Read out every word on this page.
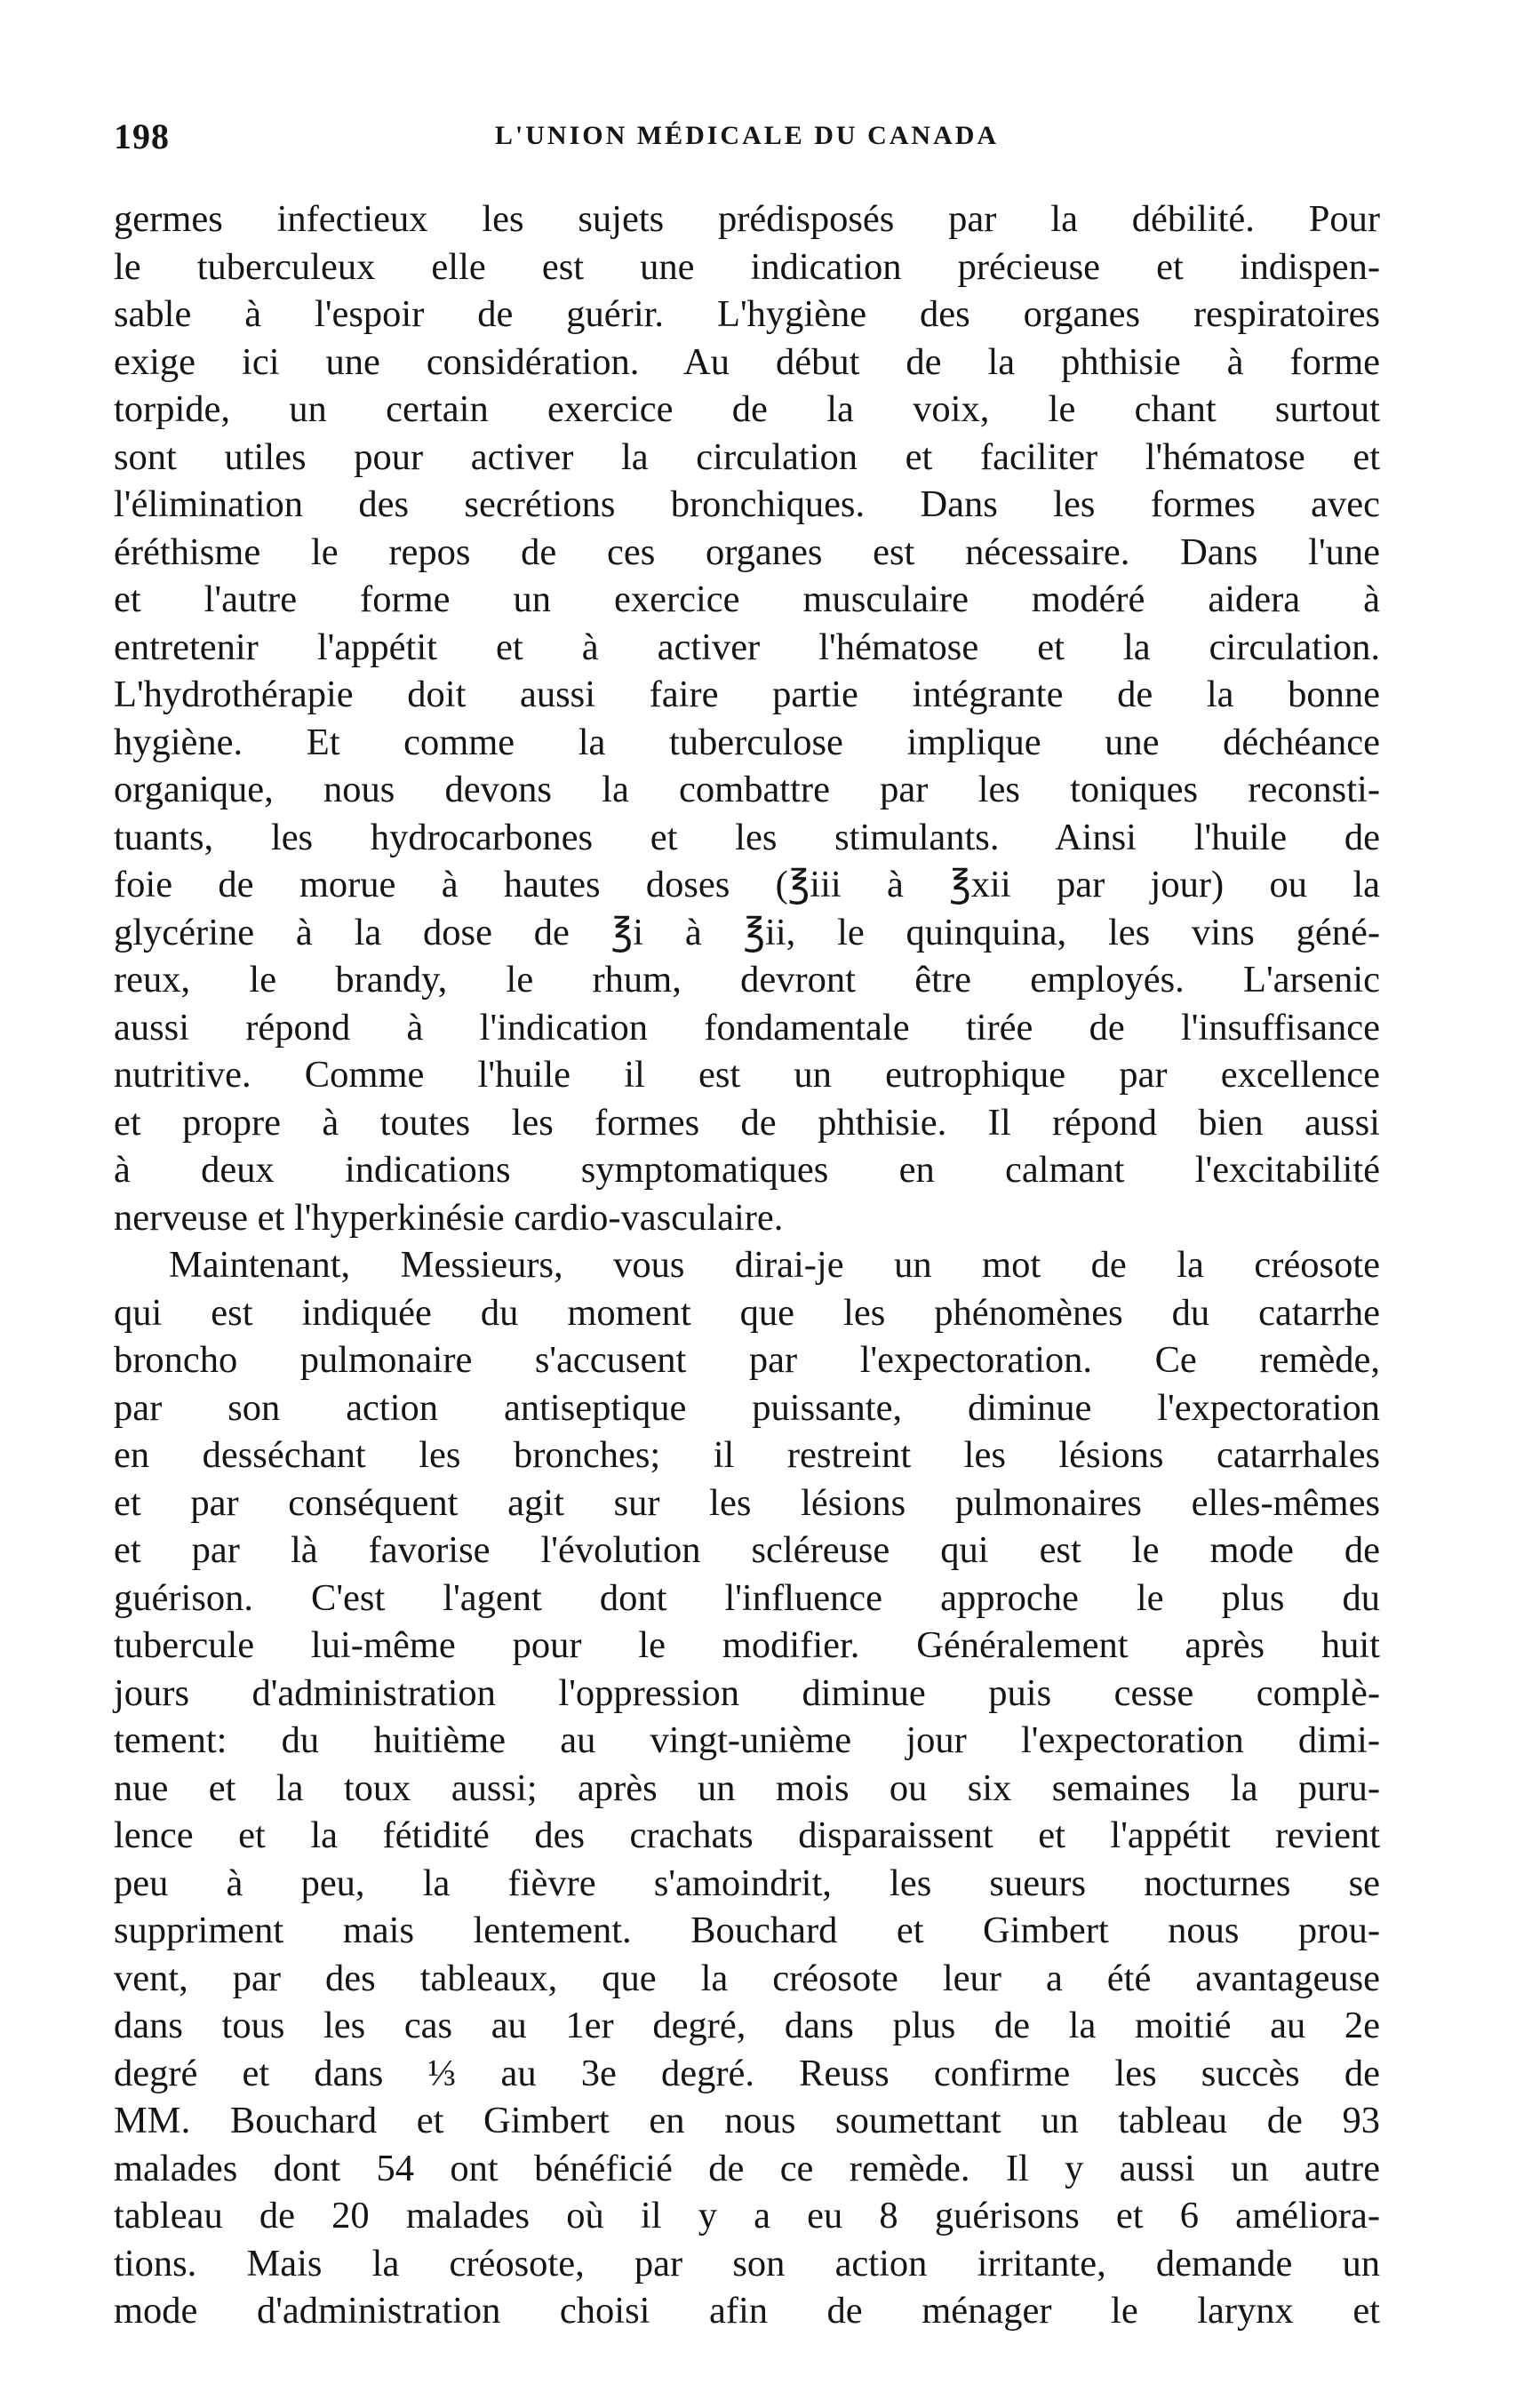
198	L'UNION MÉDICALE DU CANADA
germes infectieux les sujets prédisposés par la débilité. Pour
le tuberculeux elle est une indication précieuse et indispen-
sable à l'espoir de guérir. L'hygiène des organes respiratoires
exige ici une considération. Au début de la phthisie à forme
torpide, un certain exercice de la voix, le chant surtout
sont utiles pour activer la circulation et faciliter l'hématose et
l'élimination des secrétions bronchiques. Dans les formes avec
éréthisme le repos de ces organes est nécessaire. Dans l'une
et l'autre forme un exercice musculaire modéré aidera à
entretenir l'appétit et à activer l'hématose et la circulation.
L'hydrothérapie doit aussi faire partie intégrante de la bonne
hygiène. Et comme la tuberculose implique une déchéance
organique, nous devons la combattre par les toniques reconsti-
tuants, les hydrocarbones et les stimulants. Ainsi l'huile de
foie de morue à hautes doses (℥iii à ℥xii par jour) ou la
glycérine à la dose de ℥i à ℥ii, le quinquina, les vins géné-
reux, le brandy, le rhum, devront être employés. L'arsenic
aussi répond à l'indication fondamentale tirée de l'insuffisance
nutritive. Comme l'huile il est un eutrophique par excellence
et propre à toutes les formes de phthisie. Il répond bien aussi
à deux indications symptomatiques en calmant l'excitabilité
nerveuse et l'hyperkinésie cardio-vasculaire.
Maintenant, Messieurs, vous dirai-je un mot de la créosote
qui est indiquée du moment que les phénomènes du catarrhe
broncho pulmonaire s'accusent par l'expectoration. Ce remède,
par son action antiseptique puissante, diminue l'expectoration
en desséchant les bronches; il restreint les lésions catarrhales
et par conséquent agit sur les lésions pulmonaires elles-mêmes
et par là favorise l'évolution scléreuse qui est le mode de
guérison. C'est l'agent dont l'influence approche le plus du
tubercule lui-même pour le modifier. Généralement après huit
jours d'administration l'oppression diminue puis cesse complè-
tement: du huitième au vingt-unième jour l'expectoration dimi-
nue et la toux aussi; après un mois ou six semaines la puru-
lence et la fétidité des crachats disparaissent et l'appétit revient
peu à peu, la fièvre s'amoindrit, les sueurs nocturnes se
suppriment mais lentement. Bouchard et Gimbert nous prou-
vent, par des tableaux, que la créosote leur a été avantageuse
dans tous les cas au 1er degré, dans plus de la moitié au 2e
degré et dans ⅓ au 3e degré. Reuss confirme les succès de
MM. Bouchard et Gimbert en nous soumettant un tableau de 93
malades dont 54 ont bénéficié de ce remède. Il y aussi un autre
tableau de 20 malades où il y a eu 8 guérisons et 6 améliora-
tions. Mais la créosote, par son action irritante, demande un
mode d'administration choisi afin de ménager le larynx et
